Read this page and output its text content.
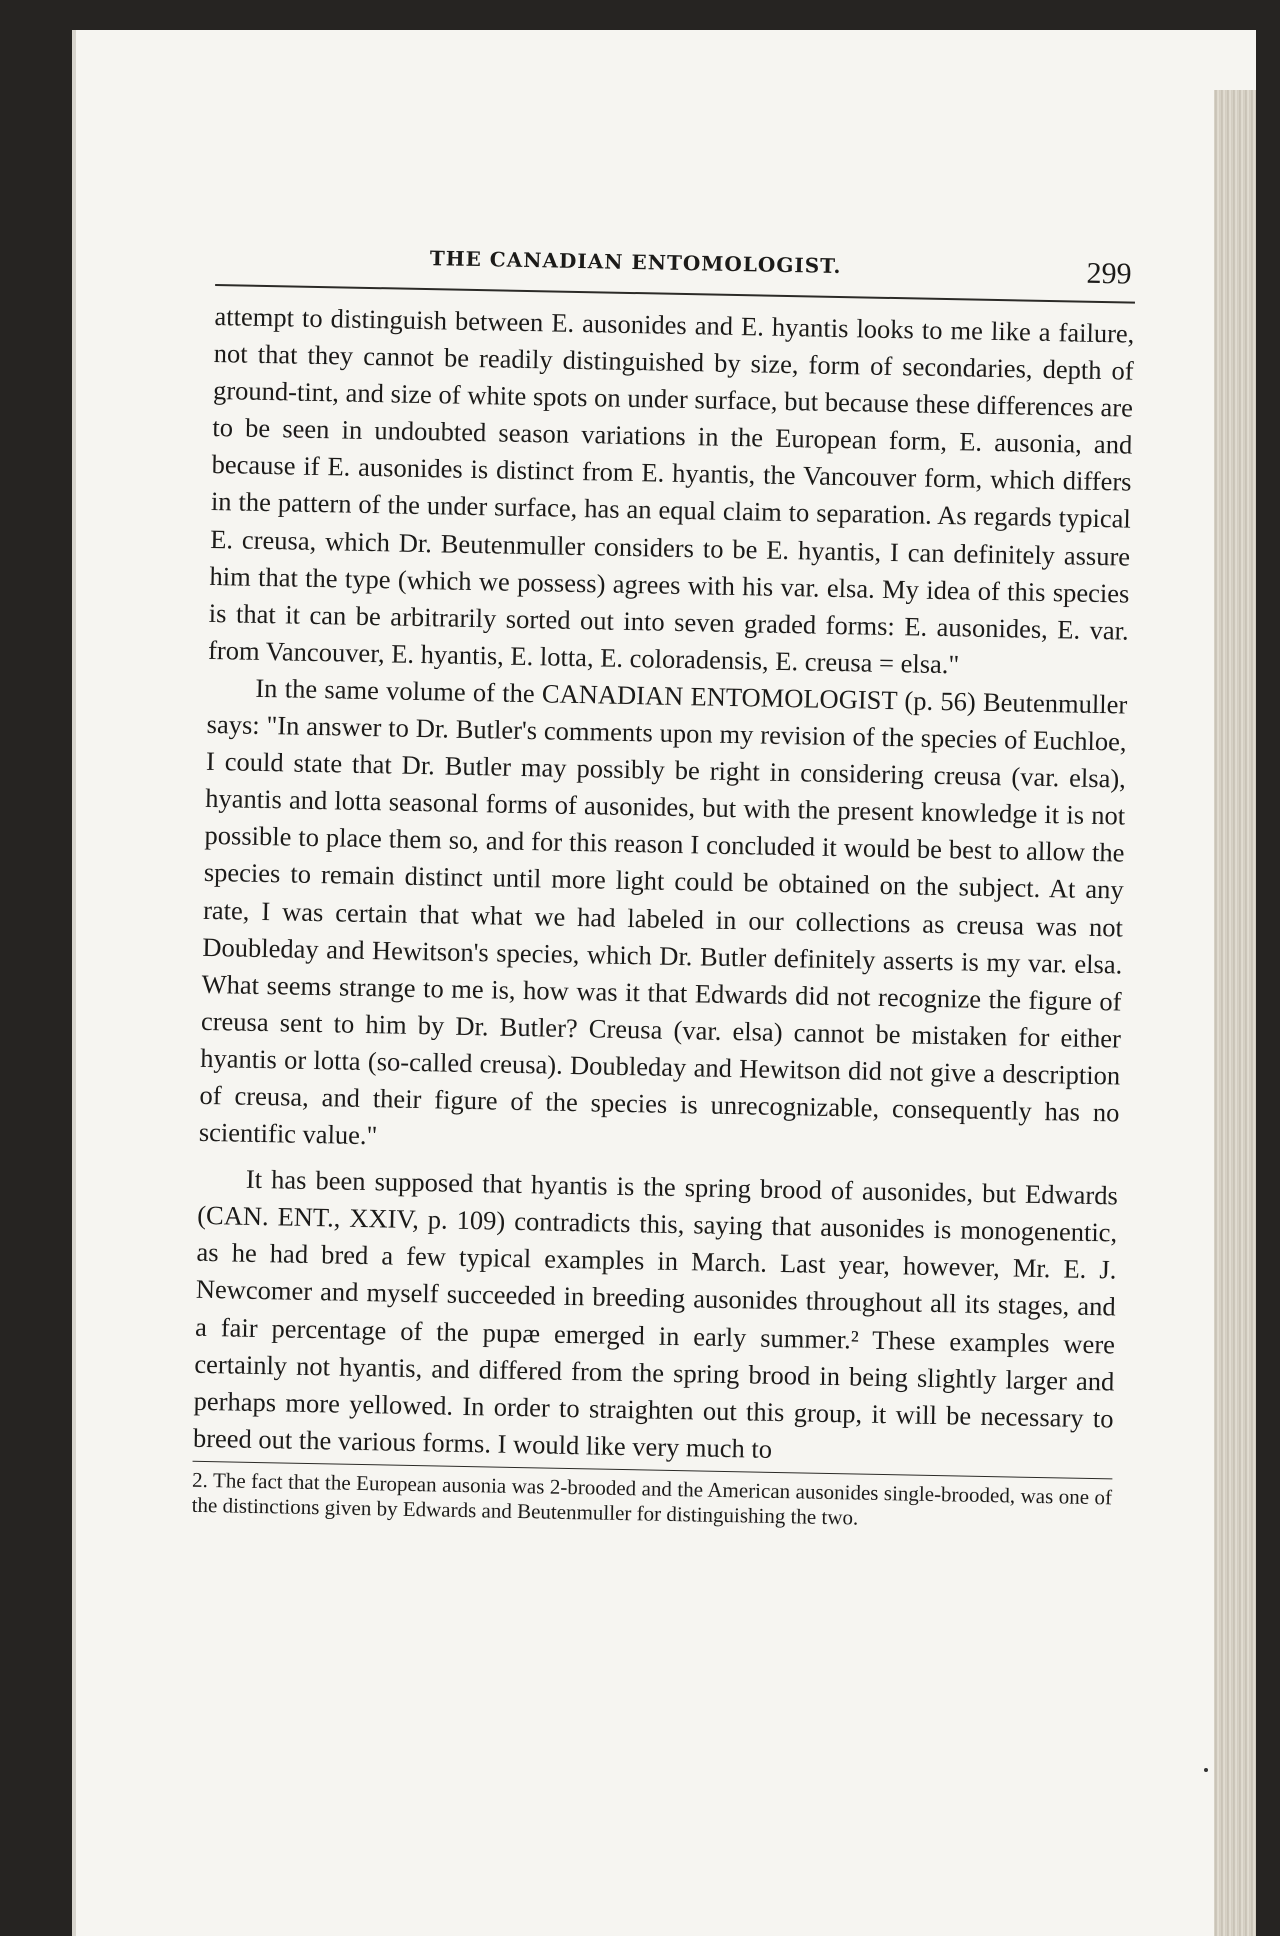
THE CANADIAN ENTOMOLOGIST.	299

attempt to distinguish between E. ausonides and E. hyantis looks to me like a failure, not that they cannot be readily distinguished by size, form of secondaries, depth of ground-tint, and size of white spots on under surface, but because these differences are to be seen in undoubted season variations in the European form, E. ausonia, and because if E. ausonides is distinct from E. hyantis, the Vancouver form, which differs in the pattern of the under surface, has an equal claim to separation. As regards typical E. creusa, which Dr. Beutenmuller considers to be E. hyantis, I can definitely assure him that the type (which we possess) agrees with his var. elsa. My idea of this species is that it can be arbitrarily sorted out into seven graded forms: E. ausonides, E. var. from Vancouver, E. hyantis, E. lotta, E. coloradensis, E. creusa = elsa."

In the same volume of the CANADIAN ENTOMOLOGIST (p. 56) Beutenmuller says: "In answer to Dr. Butler's comments upon my revision of the species of Euchloe, I could state that Dr. Butler may possibly be right in considering creusa (var. elsa), hyantis and lotta seasonal forms of ausonides, but with the present knowledge it is not possible to place them so, and for this reason I concluded it would be best to allow the species to remain distinct until more light could be obtained on the subject. At any rate, I was certain that what we had labeled in our collections as creusa was not Doubleday and Hewitson's species, which Dr. Butler definitely asserts is my var. elsa. What seems strange to me is, how was it that Edwards did not recognize the figure of creusa sent to him by Dr. Butler? Creusa (var. elsa) cannot be mistaken for either hyantis or lotta (so-called creusa). Doubleday and Hewitson did not give a description of creusa, and their figure of the species is unrecognizable, consequently has no scientific value."

It has been supposed that hyantis is the spring brood of ausonides, but Edwards (CAN. ENT., XXIV, p. 109) contradicts this, saying that ausonides is monogenentic, as he had bred a few typical examples in March. Last year, however, Mr. E. J. Newcomer and myself succeeded in breeding ausonides throughout all its stages, and a fair percentage of the pupæ emerged in early summer.² These examples were certainly not hyantis, and differed from the spring brood in being slightly larger and perhaps more yellowed. In order to straighten out this group, it will be necessary to breed out the various forms. I would like very much to

2. The fact that the European ausonia was 2-brooded and the American ausonides single-brooded, was one of the distinctions given by Edwards and Beutenmuller for distinguishing the two.
